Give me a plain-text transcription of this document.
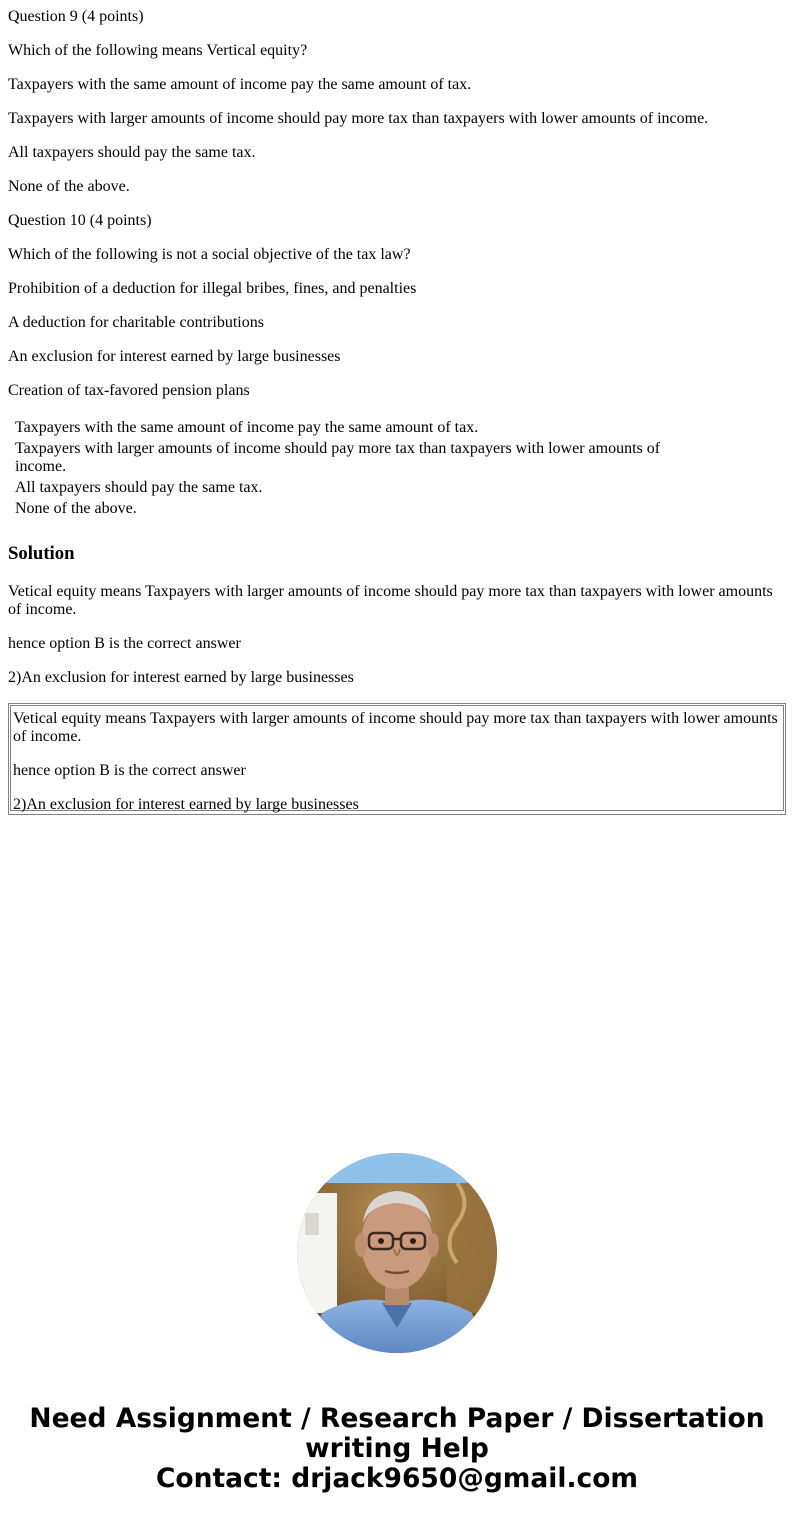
Question 9 (4 points)

Which of the following means Vertical equity?

Taxpayers with the same amount of income pay the same amount of tax.

Taxpayers with larger amounts of income should pay more tax than taxpayers with lower amounts of income.

All taxpayers should pay the same tax.

None of the above.

Question 10 (4 points)

Which of the following is not a social objective of the tax law?

Prohibition of a deduction for illegal bribes, fines, and penalties

A deduction for charitable contributions

An exclusion for interest earned by large businesses

Creation of tax-favored pension plans

Taxpayers with the same amount of income pay the same amount of tax.
Taxpayers with larger amounts of income should pay more tax than taxpayers with lower amounts of income.
All taxpayers should pay the same tax.
None of the above.
Solution

Vetical equity means Taxpayers with larger amounts of income should pay more tax than taxpayers with lower amounts of income.

hence option B is the correct answer

2)An exclusion for interest earned by large businesses

Vetical equity means Taxpayers with larger amounts of income should pay more tax than taxpayers with lower amounts of income.

hence option B is the correct answer

2)An exclusion for interest earned by large businesses

Need Assignment / Research Paper / Dissertation

writing Help

Contact: drjack9650@gmail.com
